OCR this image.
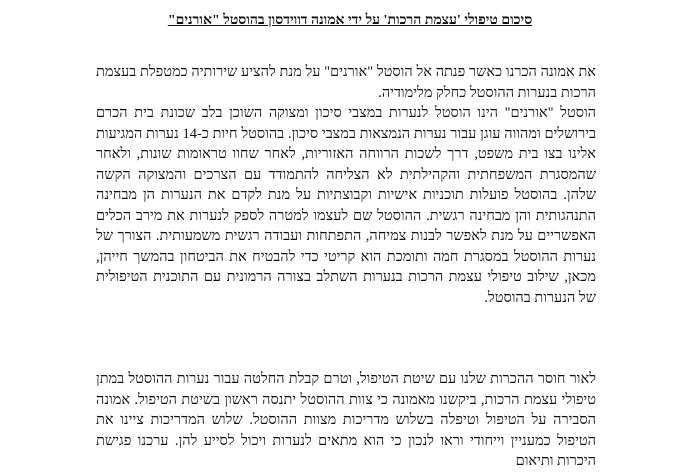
סיכום טיפולי 'עצמת הרכות' על ידי אמונה דווידסון בהוסטל "אורנים"

את אמונה הכרנו כאשר פנתה אל הוסטל "אורנים" על מנת להציע שירותיה כמטפלת בעצמת הרכות בנערות ההוסטל כחלק מלימודיה.

הוסטל "אורנים" הינו הוסטל לנערות במצבי סיכון ומצוקה השוכן בלב שכונת בית הכרם בירושלים ומהווה עוגן עבור נערות הנמצאות במצבי סיכון. בהוסטל חיות כ-14 נערות המגיעות אלינו בצו בית משפט, דרך לשכות הרווחה האזוריות, לאחר שחוו טראומות שונות, ולאחר שהמסגרת המשפחתית והקהילתית לא הצליחה להתמודד עם הצרכים והמצוקה הקשה שלהן. בהוסטל פועלות תוכניות אישיות וקבוצתיות על מנת לקדם את הנערות הן מבחינה התנהגותית והן מבחינה רגשית. ההוסטל שם לעצמו למטרה לספק לנערות את מירב הכלים האפשריים על מנת לאפשר לבנות צמיחה, התפתחות ועבודה רגשית משמעותית. הצורך של נערות ההוסטל במסגרת חמה ותומכת הוא קריטי כדי להבטיח את הביטחון בהמשך חייהן, מכאן, שילוב טיפולי עצמת הרכות בנערות השתלב בצורה הרמונית עם התוכנית הטיפולית של הנערות בהוסטל.

לאור חוסר ההכרות שלנו עם שיטת הטיפול, וטרם קבלת החלטה עבור נערות ההוסטל במתן טיפולי עצמת הרכות, ביקשנו מאמונה כי צוות ההוסטל יתנסה ראשון בשיטת הטיפול. אמונה הסבירה על הטיפול וטיפלה בשלוש מדריכות מצוות ההוסטל. שלוש המדריכות ציינו את הטיפול כמעניין וייחודי וראו לנכון כי הוא מתאים לנערות ויכול לסייע להן. ערכנו פגישת היכרות ותיאום
